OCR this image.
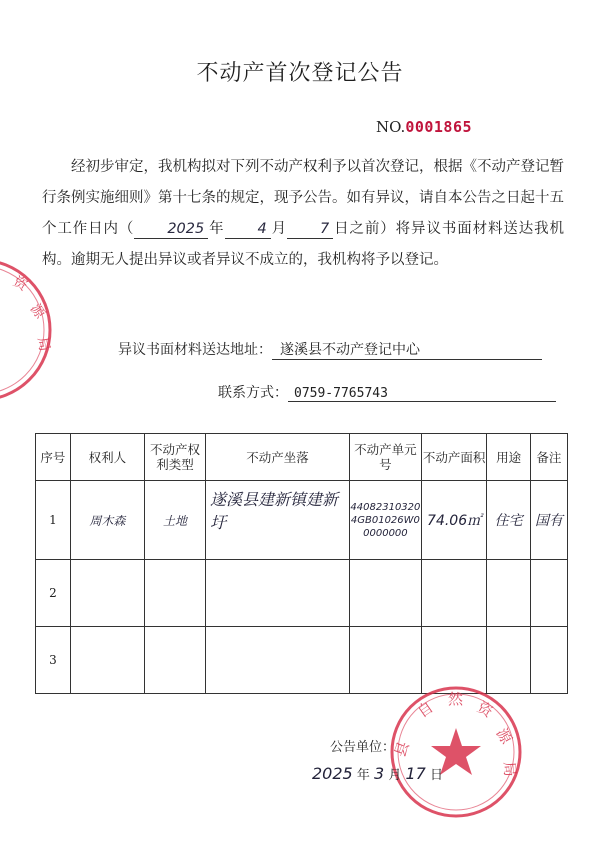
资
源
局
不动产首次登记公告
NO.0001865

经初步审定，我机构拟对下列不动产权利予以首次登记，根据《不动产登记暂行条例实施细则》第十七条的规定，现予公告。如有异议，请自本公告之日起十五个工作日内（ 2025 年 4 月 7 日之前）将异议书面材料送达我机构。逾期无人提出异议或者异议不成立的，我机构将予以登记。

异议书面材料送达地址： 遂溪县不动产登记中心
联系方式： 0759-7765743
序号	权利人	不动产权利类型	不动产坐落	不动产单元号	不动产面积	用途	备注
1	周木森	土地	遂溪县建新镇建新圩	440823103204GB01026W00000000	74.06㎡	住宅	国有
2							
3							
县
自 然 资
源
局
公告单位：
2025 年 3 月 17 日
